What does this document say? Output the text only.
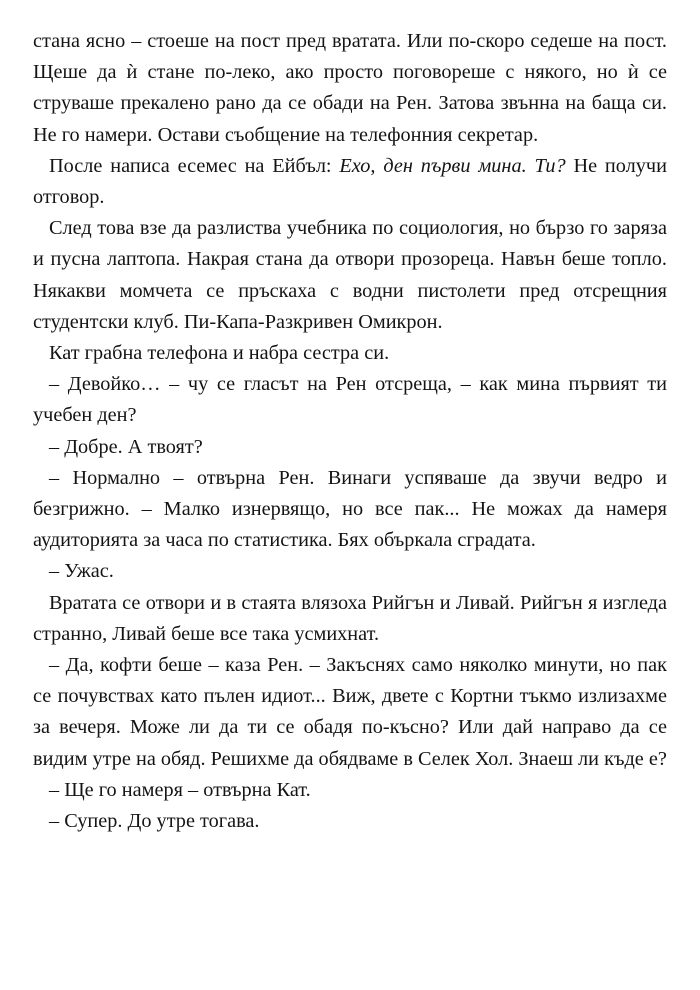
стана ясно – стоеше на пост пред вратата. Или по-скоро седеше на пост. Щеше да ѝ стане по-леко, ако просто поговореше с някого, но ѝ се струваше прекалено рано да се обади на Рен. Затова звънна на баща си. Не го намери. Остави съобщение на телефонния секретар.

После написа есемес на Ейбъл: Ехо, ден първи мина. Ти? Не получи отговор.

След това взе да разлиства учебника по социология, но бързо го заряза и пусна лаптопа. Накрая стана да отвори прозореца. Навън беше топло. Някакви момчета се пръскаха с водни пистолети пред отсрещния студентски клуб. Пи-Капа-Разкривен Омикрон.

Кат грабна телефона и набра сестра си.

– Девойко… – чу се гласът на Рен отсреща, – как мина първият ти учебен ден?

– Добре. А твоят?

– Нормално – отвърна Рен. Винаги успяваше да звучи ведро и безгрижно. – Малко изнервящо, но все пак... Не можах да намеря аудиторията за часа по статистика. Бях объркала сградата.

– Ужас.

Вратата се отвори и в стаята влязоха Рийгън и Ливай. Рийгън я изгледа странно, Ливай беше все така усмихнат.

– Да, кофти беше – каза Рен. – Закъснях само няколко минути, но пак се почувствах като пълен идиот... Виж, двете с Кортни тъкмо излизахме за вечеря. Може ли да ти се обадя по-късно? Или дай направо да се видим утре на обяд. Решихме да обядваме в Селек Хол. Знаеш ли къде е?

– Ще го намеря – отвърна Кат.

– Супер. До утре тогава.
